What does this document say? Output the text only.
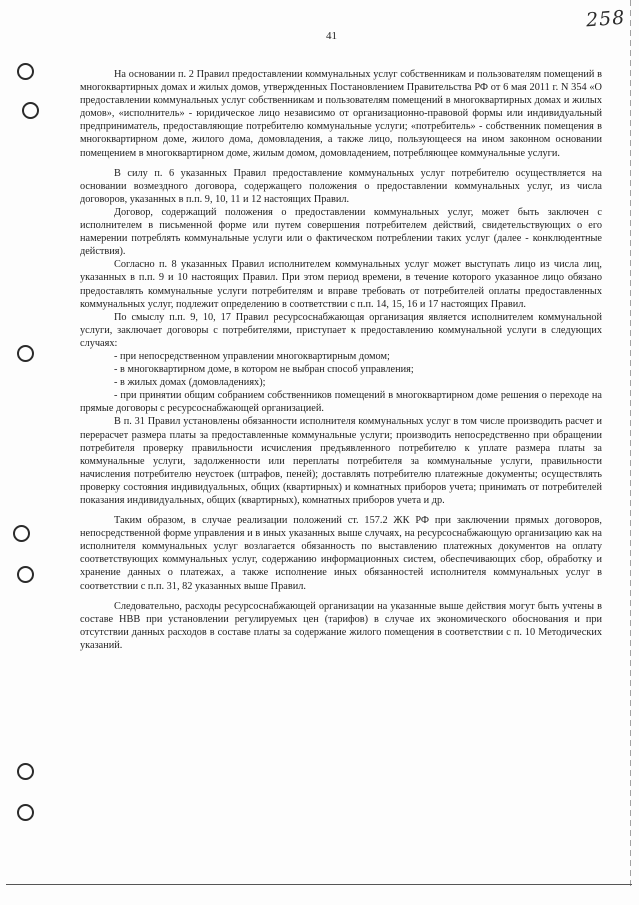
258
41

На основании п. 2 Правил предоставлении коммунальных услуг собственникам и пользователям помещений в многоквартирных домах и жилых домов, утвержденных Постановлением Правительства РФ от 6 мая 2011 г. N 354 «О предоставлении коммунальных услуг собственникам и пользователям помещений в многоквартирных домах и жилых домов», «исполнитель» - юридическое лицо независимо от организационно-правовой формы или индивидуальный предприниматель, предоставляющие потребителю коммунальные услуги; «потребитель» - собственник помещения в многоквартирном доме, жилого дома, домовладения, а также лицо, пользующееся на ином законном основании помещением в многоквартирном доме, жилым домом, домовладением, потребляющее коммунальные услуги.

В силу п. 6 указанных Правил предоставление коммунальных услуг потребителю осуществляется на основании возмездного договора, содержащего положения о предоставлении коммунальных услуг, из числа договоров, указанных в п.п. 9, 10, 11 и 12 настоящих Правил.

Договор, содержащий положения о предоставлении коммунальных услуг, может быть заключен с исполнителем в письменной форме или путем совершения потребителем действий, свидетельствующих о его намерении потреблять коммунальные услуги или о фактическом потреблении таких услуг (далее - конклюдентные действия).

Согласно п. 8 указанных Правил исполнителем коммунальных услуг может выступать лицо из числа лиц, указанных в п.п. 9 и 10 настоящих Правил. При этом период времени, в течение которого указанное лицо обязано предоставлять коммунальные услуги потребителям и вправе требовать от потребителей оплаты предоставленных коммунальных услуг, подлежит определению в соответствии с п.п. 14, 15, 16 и 17 настоящих Правил.

По смыслу п.п. 9, 10, 17 Правил ресурсоснабжающая организация является исполнителем коммунальной услуги, заключает договоры с потребителями, приступает к предоставлению коммунальной услуги в следующих случаях:

- при непосредственном управлении многоквартирным домом;

- в многоквартирном доме, в котором не выбран способ управления;

- в жилых домах (домовладениях);

- при принятии общим собранием собственников помещений в многоквартирном доме решения о переходе на прямые договоры с ресурсоснабжающей организацией.

В п. 31 Правил установлены обязанности исполнителя коммунальных услуг в том числе производить расчет и перерасчет размера платы за предоставленные коммунальные услуги; производить непосредственно при обращении потребителя проверку правильности исчисления предъявленного потребителю к уплате размера платы за коммунальные услуги, задолженности или переплаты потребителя за коммунальные услуги, правильности начисления потребителю неустоек (штрафов, пеней); доставлять потребителю платежные документы; осуществлять проверку состояния индивидуальных, общих (квартирных) и комнатных приборов учета; принимать от потребителей показания индивидуальных, общих (квартирных), комнатных приборов учета и др.

Таким образом, в случае реализации положений ст. 157.2 ЖК РФ при заключении прямых договоров, непосредственной форме управления и в иных указанных выше случаях, на ресурсоснабжающую организацию как на исполнителя коммунальных услуг возлагается обязанность по выставлению платежных документов на оплату соответствующих коммунальных услуг, содержанию информационных систем, обеспечивающих сбор, обработку и хранение данных о платежах, а также исполнение иных обязанностей исполнителя коммунальных услуг в соответствии с п.п. 31, 82 указанных выше Правил.

Следовательно, расходы ресурсоснабжающей организации на указанные выше действия могут быть учтены в составе НВВ при установлении регулируемых цен (тарифов) в случае их экономического обоснования и при отсутствии данных расходов в составе платы за содержание жилого помещения в соответствии с п. 10 Методических указаний.
